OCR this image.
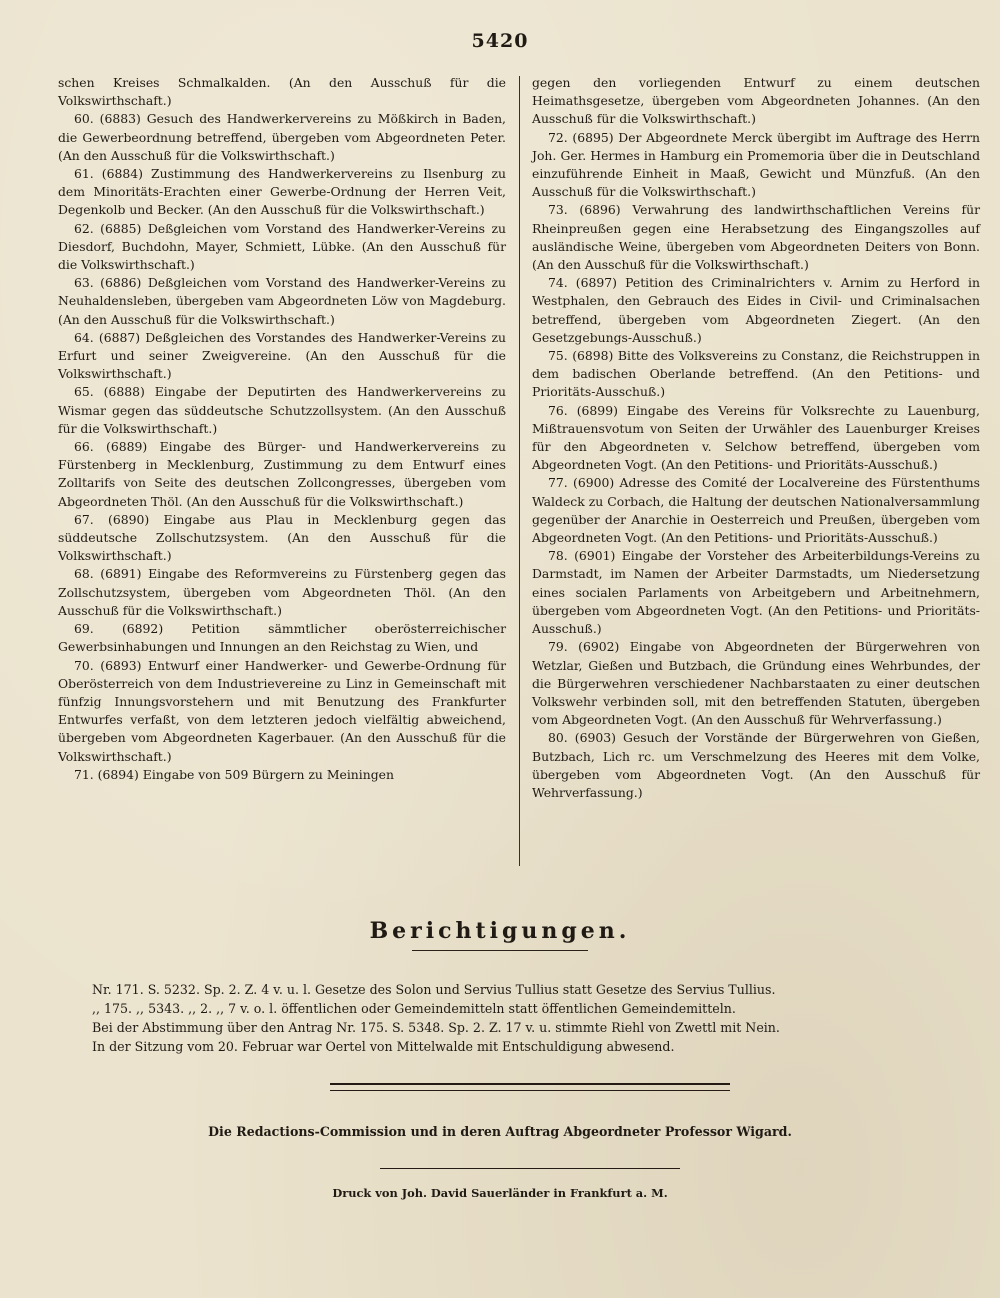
5420

schen Kreises Schmalkalden. (An den Ausschuß für die Volkswirthschaft.)

60. (6883) Gesuch des Handwerkervereins zu Mößkirch in Baden, die Gewerbeordnung betreffend, übergeben vom Abgeordneten Peter. (An den Ausschuß für die Volkswirthschaft.)

61. (6884) Zustimmung des Handwerkervereins zu Ilsenburg zu dem Minoritäts-Erachten einer Gewerbe-Ordnung der Herren Veit, Degenkolb und Becker. (An den Ausschuß für die Volkswirthschaft.)

62. (6885) Deßgleichen vom Vorstand des Handwerker-Vereins zu Diesdorf, Buchdohn, Mayer, Schmiett, Lübke. (An den Ausschuß für die Volkswirthschaft.)

63. (6886) Deßgleichen vom Vorstand des Handwerker-Vereins zu Neuhaldensleben, übergeben vam Abgeordneten Löw von Magdeburg. (An den Ausschuß für die Volkswirthschaft.)

64. (6887) Deßgleichen des Vorstandes des Handwerker-Vereins zu Erfurt und seiner Zweigvereine. (An den Ausschuß für die Volkswirthschaft.)

65. (6888) Eingabe der Deputirten des Handwerkervereins zu Wismar gegen das süddeutsche Schutzzollsystem. (An den Ausschuß für die Volkswirthschaft.)

66. (6889) Eingabe des Bürger- und Handwerkervereins zu Fürstenberg in Mecklenburg, Zustimmung zu dem Entwurf eines Zolltarifs von Seite des deutschen Zollcongresses, übergeben vom Abgeordneten Thöl. (An den Ausschuß für die Volkswirthschaft.)

67. (6890) Eingabe aus Plau in Mecklenburg gegen das süddeutsche Zollschutzsystem. (An den Ausschuß für die Volkswirthschaft.)

68. (6891) Eingabe des Reformvereins zu Fürstenberg gegen das Zollschutzsystem, übergeben vom Abgeordneten Thöl. (An den Ausschuß für die Volkswirthschaft.)

69. (6892) Petition sämmtlicher oberösterreichischer Gewerbsinhabungen und Innungen an den Reichstag zu Wien, und

70. (6893) Entwurf einer Handwerker- und Gewerbe-Ordnung für Oberösterreich von dem Industrievereine zu Linz in Gemeinschaft mit fünfzig Innungsvorstehern und mit Benutzung des Frankfurter Entwurfes verfaßt, von dem letzteren jedoch vielfältig abweichend, übergeben vom Abgeordneten Kagerbauer. (An den Ausschuß für die Volkswirthschaft.)

71. (6894) Eingabe von 509 Bürgern zu Meiningen

gegen den vorliegenden Entwurf zu einem deutschen Heimathsgesetze, übergeben vom Abgeordneten Johannes. (An den Ausschuß für die Volkswirthschaft.)

72. (6895) Der Abgeordnete Merck übergibt im Auftrage des Herrn Joh. Ger. Hermes in Hamburg ein Promemoria über die in Deutschland einzuführende Einheit in Maaß, Gewicht und Münzfuß. (An den Ausschuß für die Volkswirthschaft.)

73. (6896) Verwahrung des landwirthschaftlichen Vereins für Rheinpreußen gegen eine Herabsetzung des Eingangszolles auf ausländische Weine, übergeben vom Abgeordneten Deiters von Bonn. (An den Ausschuß für die Volkswirthschaft.)

74. (6897) Petition des Criminalrichters v. Arnim zu Herford in Westphalen, den Gebrauch des Eides in Civil- und Criminalsachen betreffend, übergeben vom Abgeordneten Ziegert. (An den Gesetzgebungs-Ausschuß.)

75. (6898) Bitte des Volksvereins zu Constanz, die Reichstruppen in dem badischen Oberlande betreffend. (An den Petitions- und Prioritäts-Ausschuß.)

76. (6899) Eingabe des Vereins für Volksrechte zu Lauenburg, Mißtrauensvotum von Seiten der Urwähler des Lauenburger Kreises für den Abgeordneten v. Selchow betreffend, übergeben vom Abgeordneten Vogt. (An den Petitions- und Prioritäts-Ausschuß.)

77. (6900) Adresse des Comité der Localvereine des Fürstenthums Waldeck zu Corbach, die Haltung der deutschen Nationalversammlung gegenüber der Anarchie in Oesterreich und Preußen, übergeben vom Abgeordneten Vogt. (An den Petitions- und Prioritäts-Ausschuß.)

78. (6901) Eingabe der Vorsteher des Arbeiterbildungs-Vereins zu Darmstadt, im Namen der Arbeiter Darmstadts, um Niedersetzung eines socialen Parlaments von Arbeitgebern und Arbeitnehmern, übergeben vom Abgeordneten Vogt. (An den Petitions- und Prioritäts-Ausschuß.)

79. (6902) Eingabe von Abgeordneten der Bürgerwehren von Wetzlar, Gießen und Butzbach, die Gründung eines Wehrbundes, der die Bürgerwehren verschiedener Nachbarstaaten zu einer deutschen Volkswehr verbinden soll, mit den betreffenden Statuten, übergeben vom Abgeordneten Vogt. (An den Ausschuß für Wehrverfassung.)

80. (6903) Gesuch der Vorstände der Bürgerwehren von Gießen, Butzbach, Lich rc. um Verschmelzung des Heeres mit dem Volke, übergeben vom Abgeordneten Vogt. (An den Ausschuß für Wehrverfassung.)

Berichtigungen.
Nr. 171. S. 5232. Sp. 2. Z. 4 v. u. l. Gesetze des Solon und Servius Tullius statt Gesetze des Servius Tullius.
,, 175. ,, 5343. ,, 2. ,, 7 v. o. l. öffentlichen oder Gemeindemitteln statt öffentlichen Gemeindemitteln.
Bei der Abstimmung über den Antrag Nr. 175. S. 5348. Sp. 2. Z. 17 v. u. stimmte Riehl von Zwettl mit Nein.
In der Sitzung vom 20. Februar war Oertel von Mittelwalde mit Entschuldigung abwesend.
Die Redactions-Commission und in deren Auftrag Abgeordneter Professor Wigard.
Druck von Joh. David Sauerländer in Frankfurt a. M.
